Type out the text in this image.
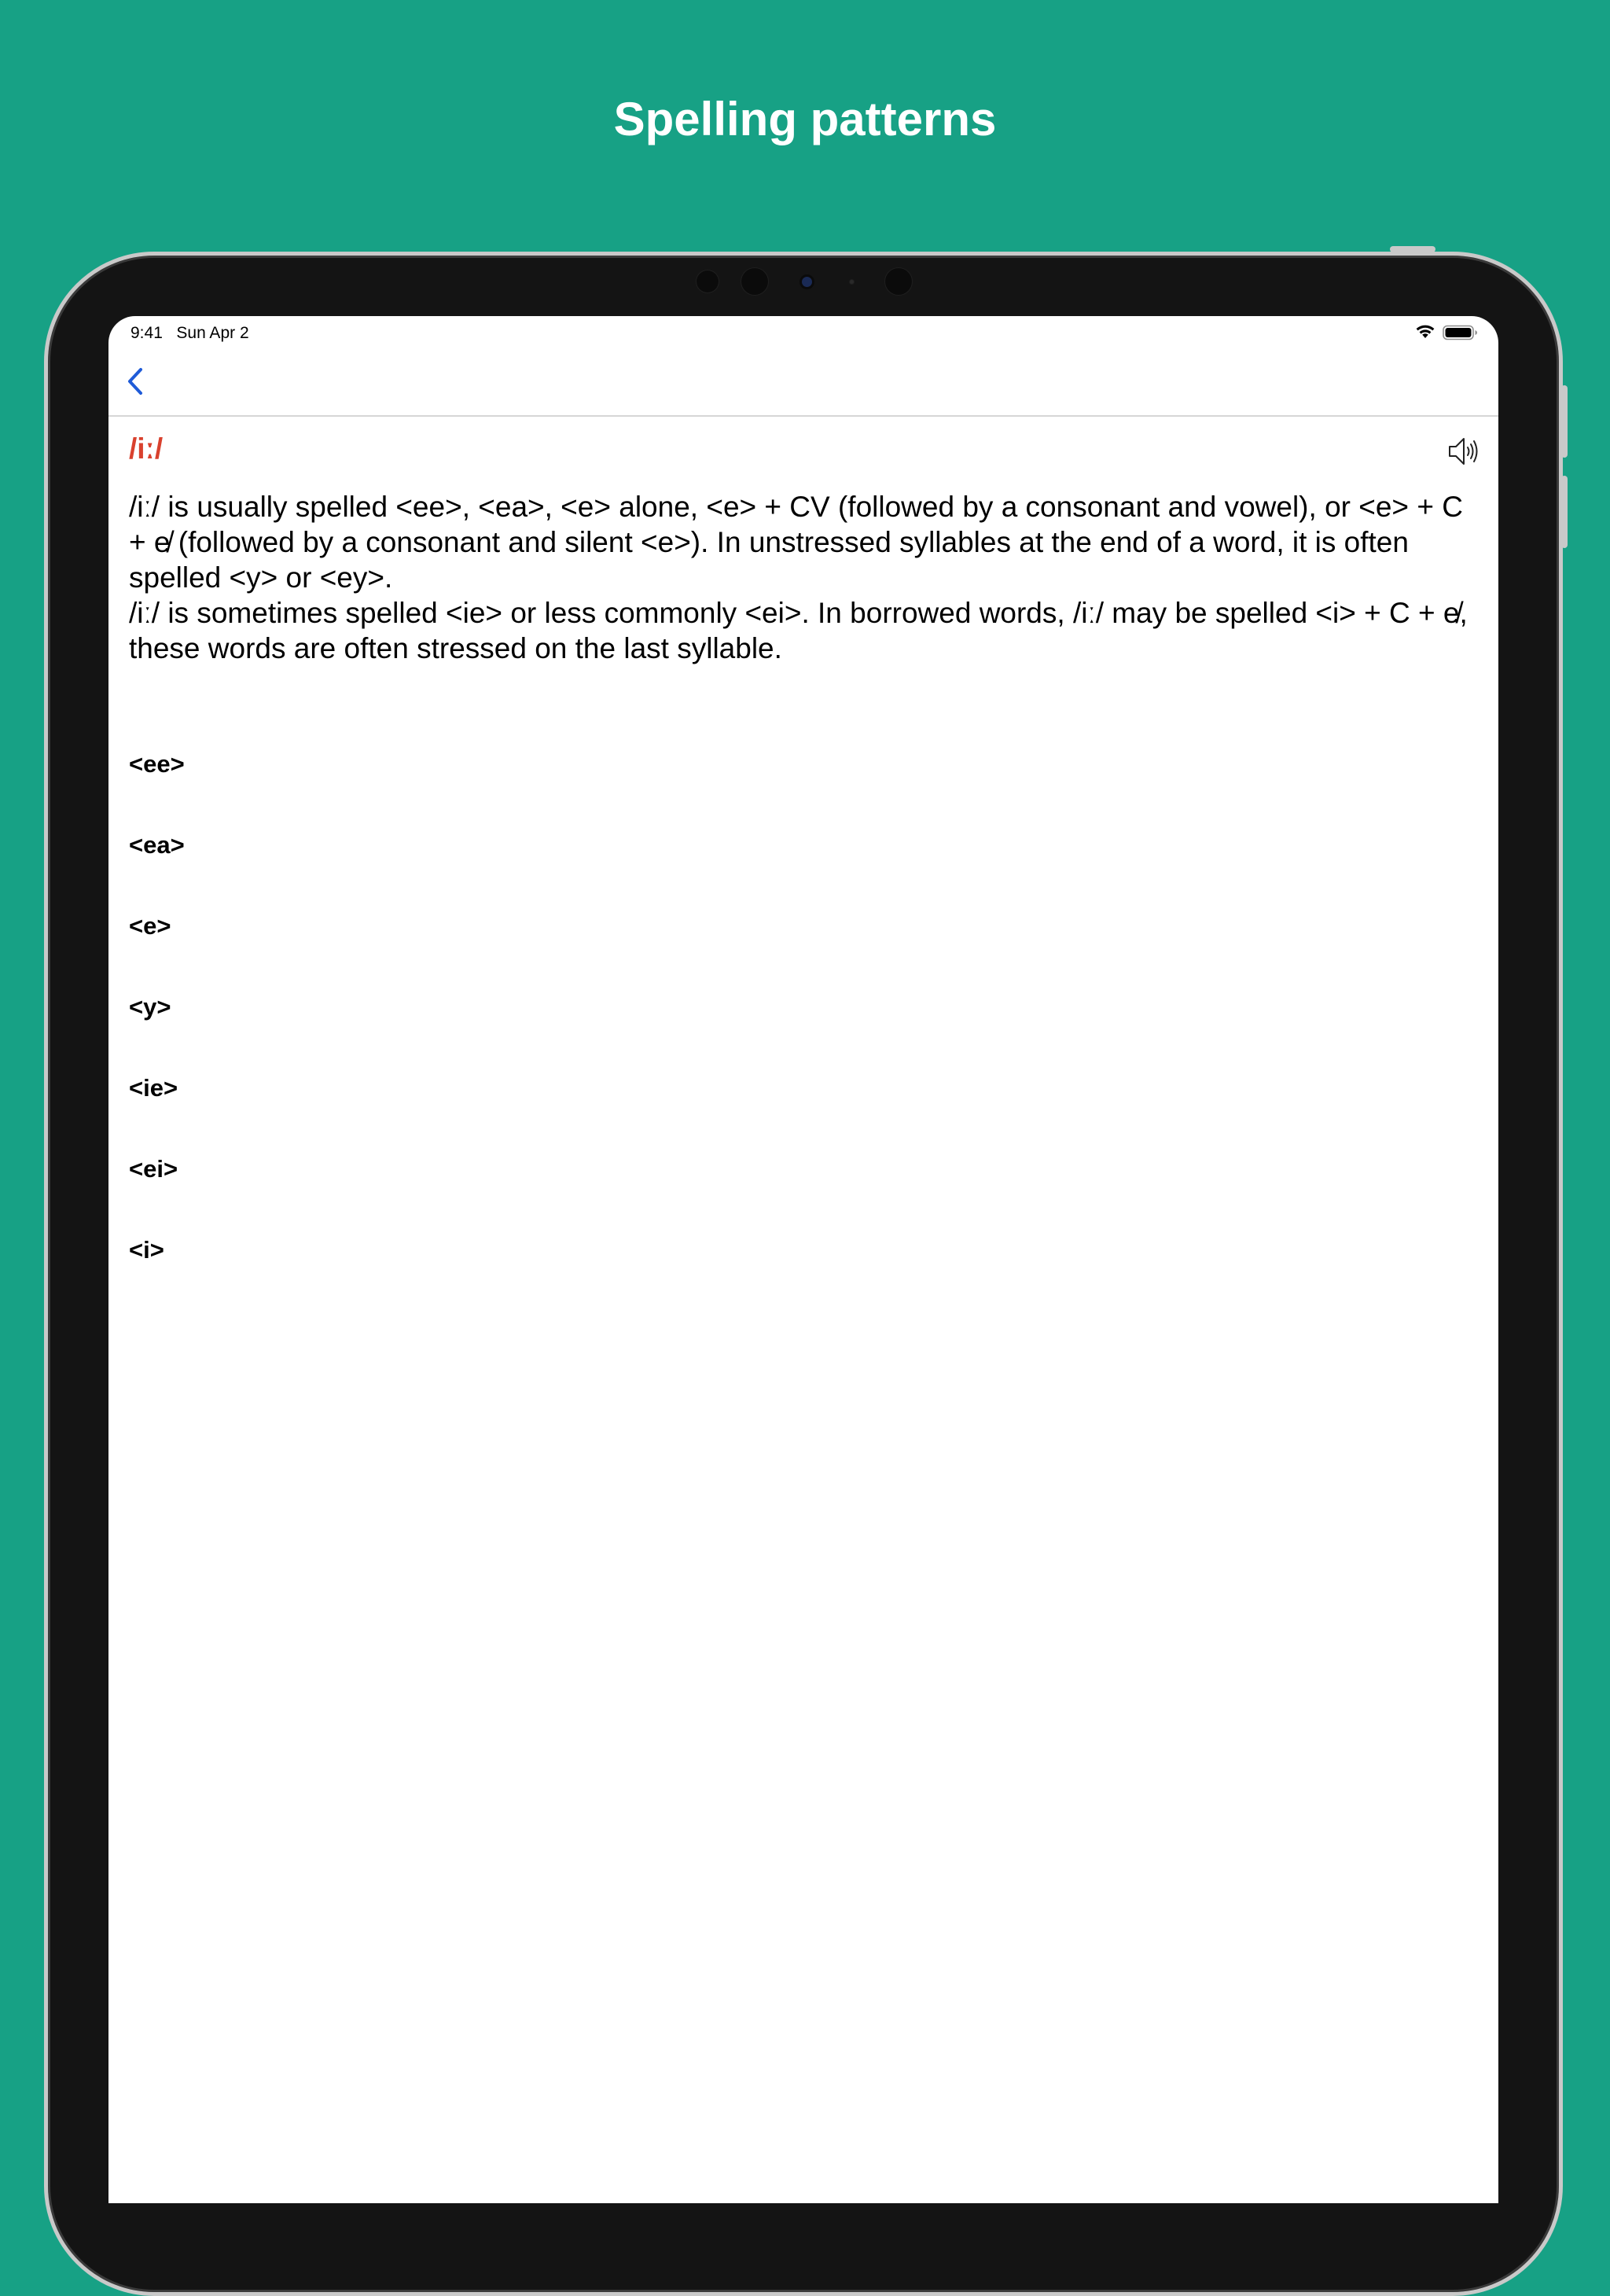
Spelling patterns
9:41 Sun Apr 2
/iː/

/iː/ is usually spelled <ee>, <ea>, <e> alone, <e> + CV (followed by a consonant and vowel), or <e> + C + e̸ (followed by a consonant and silent <e>). In unstressed syllables at the end of a word, it is often spelled <y> or <ey>.

/iː/ is sometimes spelled <ie> or less commonly <ei>. In borrowed words, /iː/ may be spelled <i> + C + e̸, these words are often stressed on the last syllable.

<ee>
<ea>
<e>
<y>
<ie>
<ei>
<i>
